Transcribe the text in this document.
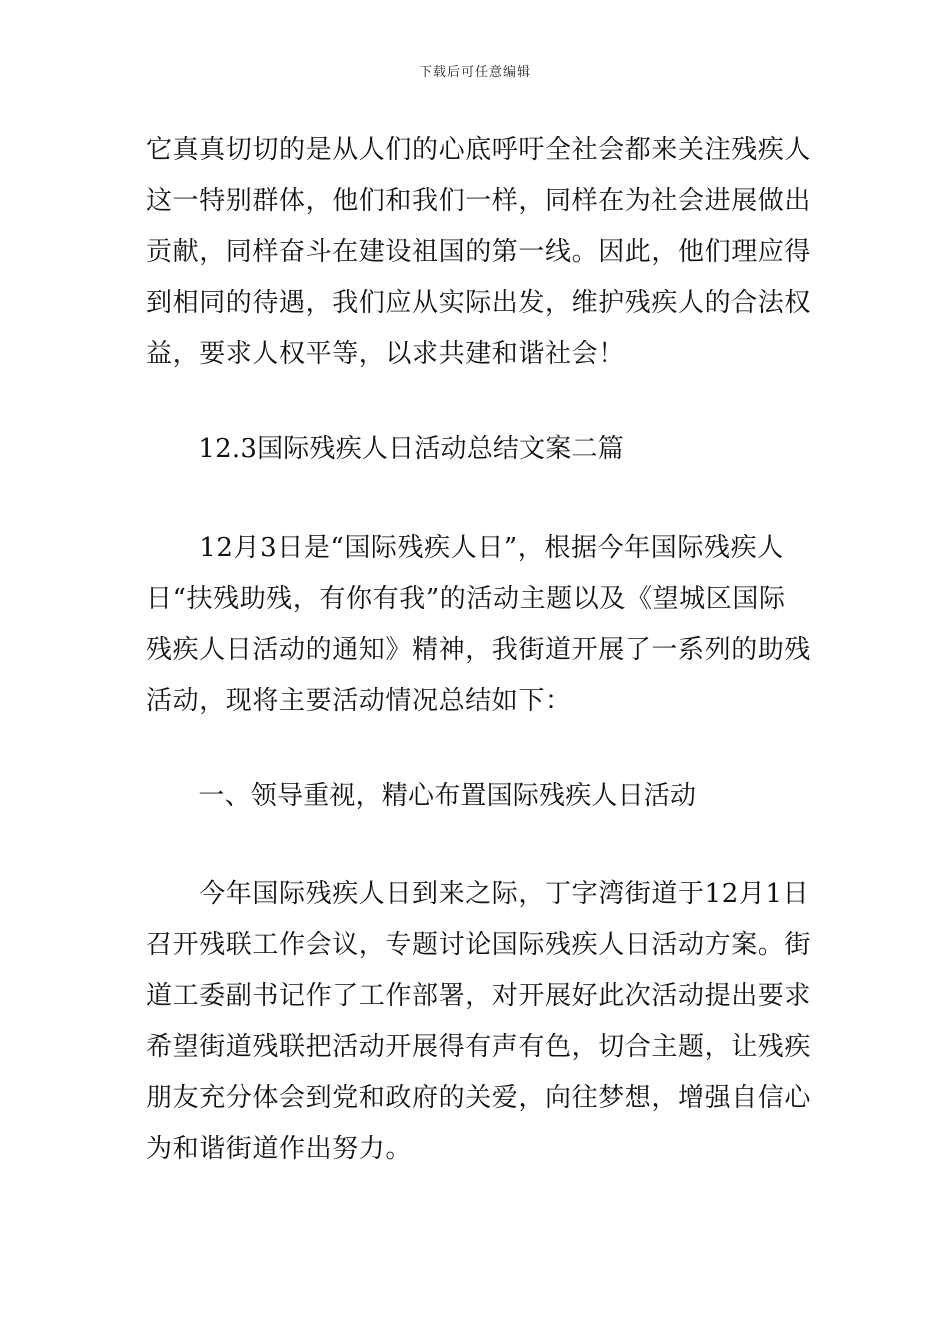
下载后可任意编辑
它真真切切的是从人们的心底呼吁全社会都来关注残疾人
这一特别群体，他们和我们一样，同样在为社会进展做出
贡献，同样奋斗在建设祖国的第一线。因此，他们理应得
到相同的待遇，我们应从实际出发，维护残疾人的合法权
益，要求人权平等，以求共建和谐社会！
　　12.3国际残疾人日活动总结文案二篇
　　12月3日是“国际残疾人日”，根据今年国际残疾人
日“扶残助残，有你有我”的活动主题以及《望城区国际
残疾人日活动的通知》精神，我街道开展了一系列的助残
活动，现将主要活动情况总结如下：
　　一、领导重视，精心布置国际残疾人日活动
　　今年国际残疾人日到来之际，丁字湾街道于12月1日
召开残联工作会议，专题讨论国际残疾人日活动方案。街
道工委副书记作了工作部署，对开展好此次活动提出要求
希望街道残联把活动开展得有声有色，切合主题，让残疾
朋友充分体会到党和政府的关爱，向往梦想，增强自信心
为和谐街道作出努力。
